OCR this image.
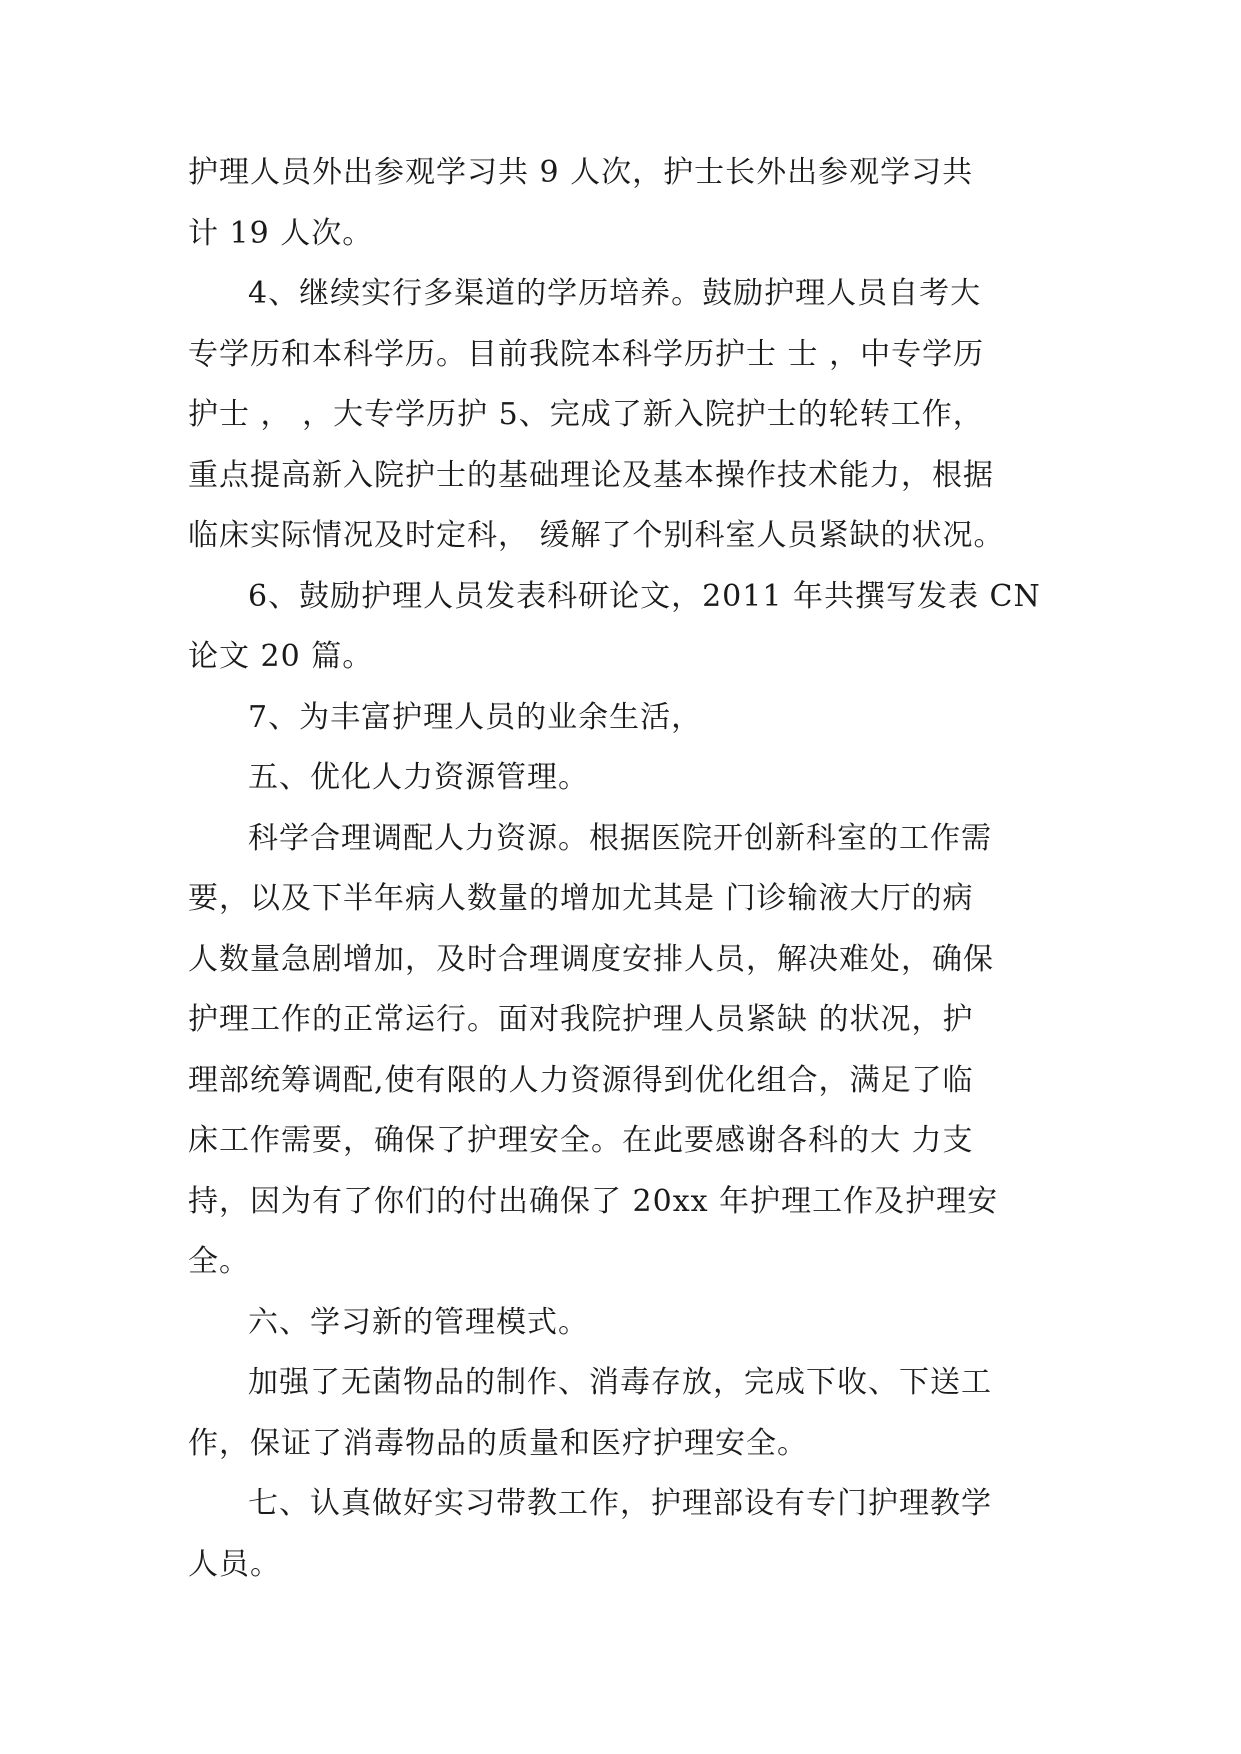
护理人员外出参观学习共 9 人次，护士长外出参观学习共
计 19 人次。
4、继续实行多渠道的学历培养。鼓励护理人员自考大
专学历和本科学历。目前我院本科学历护士 士 ，中专学历
护士 ， ，大专学历护 5、完成了新入院护士的轮转工作，
重点提高新入院护士的基础理论及基本操作技术能力，根据
临床实际情况及时定科， 缓解了个别科室人员紧缺的状况。
6、鼓励护理人员发表科研论文，2011 年共撰写发表 CN
论文 20 篇。
7、为丰富护理人员的业余生活，
五、优化人力资源管理。
科学合理调配人力资源。根据医院开创新科室的工作需
要，以及下半年病人数量的增加尤其是 门诊输液大厅的病
人数量急剧增加，及时合理调度安排人员，解决难处，确保
护理工作的正常运行。面对我院护理人员紧缺 的状况，护
理部统筹调配,使有限的人力资源得到优化组合，满足了临
床工作需要，确保了护理安全。在此要感谢各科的大 力支
持，因为有了你们的付出确保了 20xx 年护理工作及护理安
全。
六、学习新的管理模式。
加强了无菌物品的制作、消毒存放，完成下收、下送工
作，保证了消毒物品的质量和医疗护理安全。
七、认真做好实习带教工作，护理部设有专门护理教学
人员。
